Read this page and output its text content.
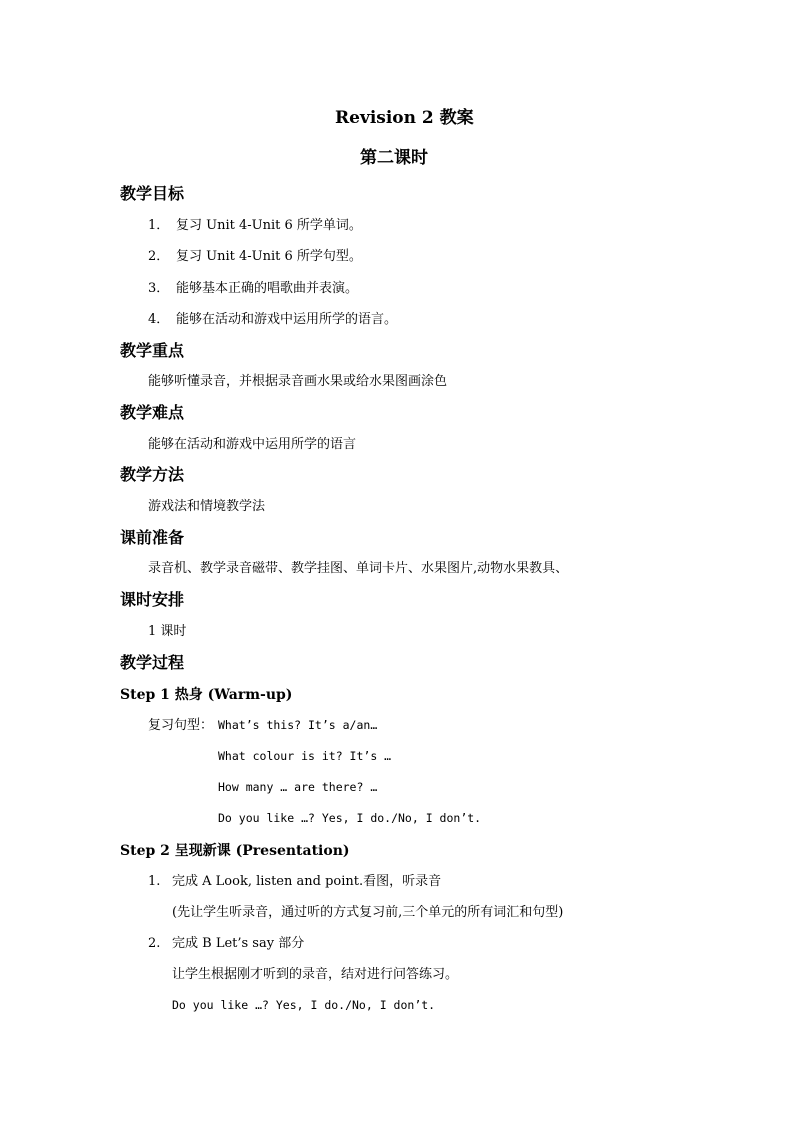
Revision 2 教案
第二课时
教学目标
1． 复习 Unit 4-Unit 6 所学单词。
2． 复习 Unit 4-Unit 6 所学句型。
3． 能够基本正确的唱歌曲并表演。
4． 能够在活动和游戏中运用所学的语言。
教学重点
能够听懂录音，并根据录音画水果或给水果图画涂色
教学难点
能够在活动和游戏中运用所学的语言
教学方法
游戏法和情境教学法
课前准备
录音机、教学录音磁带、教学挂图、单词卡片、水果图片,动物水果教具、
课时安排
1 课时
教学过程
Step 1 热身 (Warm-up)
复习句型： What’s this? It’s a/an…
What colour is it? It’s …
How many … are there? …
Do you like …? Yes, I do./No, I don’t.
Step 2 呈现新课 (Presentation)
1. 完成 A Look, listen and point.看图，听录音
(先让学生听录音，通过听的方式复习前,三个单元的所有词汇和句型)
2. 完成 B Let’s say 部分
让学生根据刚才听到的录音，结对进行问答练习。
Do you like …? Yes, I do./No, I don’t.
